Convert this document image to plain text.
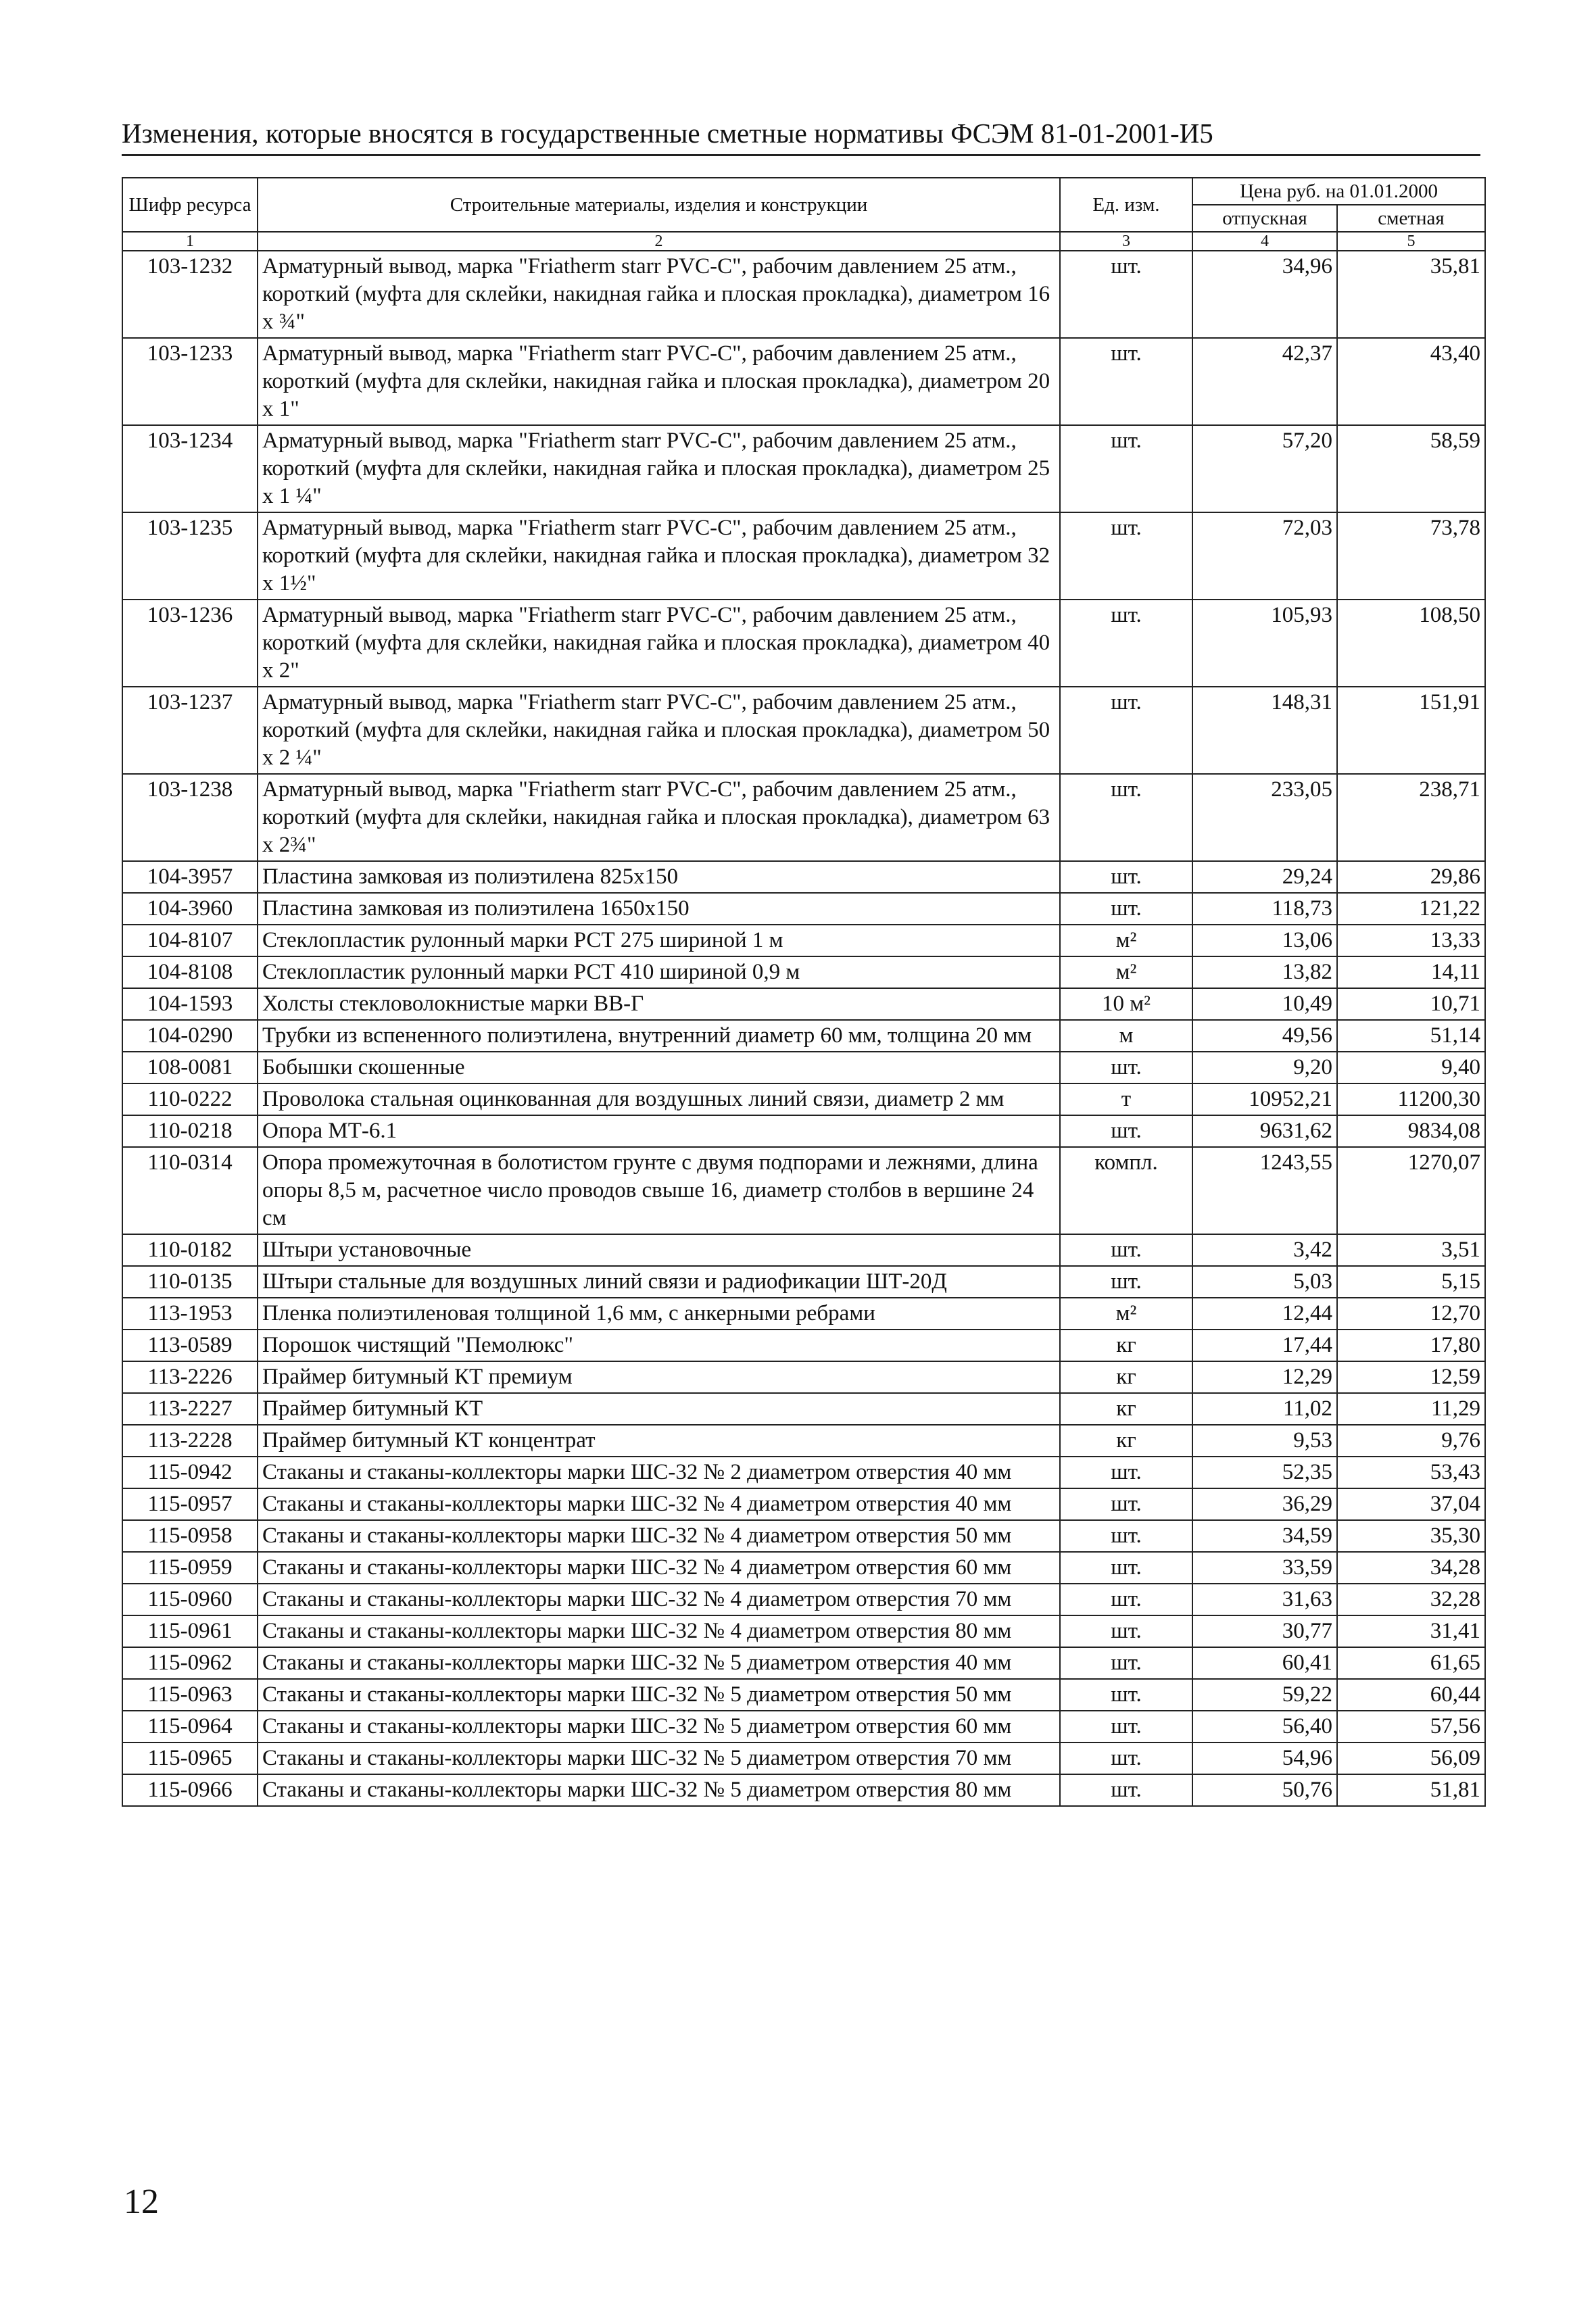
Изменения, которые вносятся в государственные сметные нормативы ФСЭМ 81-01-2001-И5
Шифр ресурса	Строительные материалы, изделия и конструкции	Ед. изм.	Цена руб. на 01.01.2000	
			отпускная	сметная
1	2	3	4	5
103-1232	Арматурный вывод, марка "Friatherm starr PVC-C", рабочим давлением 25 атм., короткий (муфта для склейки, накидная гайка и плоская прокладка), диаметром 16 х ¾"	шт.	34,96	35,81
103-1233	Арматурный вывод, марка "Friatherm starr PVC-C", рабочим давлением 25 атм., короткий (муфта для склейки, накидная гайка и плоская прокладка), диаметром 20 х 1"	шт.	42,37	43,40
103-1234	Арматурный вывод, марка "Friatherm starr PVC-C", рабочим давлением 25 атм., короткий (муфта для склейки, накидная гайка и плоская прокладка), диаметром 25 х 1 ¼"	шт.	57,20	58,59
103-1235	Арматурный вывод, марка "Friatherm starr PVC-C", рабочим давлением 25 атм., короткий (муфта для склейки, накидная гайка и плоская прокладка), диаметром 32 х 1½"	шт.	72,03	73,78
103-1236	Арматурный вывод, марка "Friatherm starr PVC-C", рабочим давлением 25 атм., короткий (муфта для склейки, накидная гайка и плоская прокладка), диаметром 40 х 2"	шт.	105,93	108,50
103-1237	Арматурный вывод, марка "Friatherm starr PVC-C", рабочим давлением 25 атм., короткий (муфта для склейки, накидная гайка и плоская прокладка), диаметром 50 х 2 ¼"	шт.	148,31	151,91
103-1238	Арматурный вывод, марка "Friatherm starr PVC-C", рабочим давлением 25 атм., короткий (муфта для склейки, накидная гайка и плоская прокладка), диаметром 63 х 2¾"	шт.	233,05	238,71
104-3957	Пластина замковая из полиэтилена 825х150	шт.	29,24	29,86
104-3960	Пластина замковая из полиэтилена 1650х150	шт.	118,73	121,22
104-8107	Стеклопластик рулонный марки РСТ 275 шириной 1 м	м²	13,06	13,33
104-8108	Стеклопластик рулонный марки РСТ 410 шириной 0,9 м	м²	13,82	14,11
104-1593	Холсты стекловолокнистые марки ВВ-Г	10 м²	10,49	10,71
104-0290	Трубки из вспененного полиэтилена, внутренний диаметр 60 мм, толщина 20 мм	м	49,56	51,14
108-0081	Бобышки скошенные	шт.	9,20	9,40
110-0222	Проволока стальная оцинкованная для воздушных линий связи, диаметр 2 мм	т	10952,21	11200,30
110-0218	Опора МТ-6.1	шт.	9631,62	9834,08
110-0314	Опора промежуточная в болотистом грунте с двумя подпорами и лежнями, длина опоры 8,5 м, расчетное число проводов свыше 16, диаметр столбов в вершине 24 см	компл.	1243,55	1270,07
110-0182	Штыри установочные	шт.	3,42	3,51
110-0135	Штыри стальные для воздушных линий связи и радиофикации ШТ-20Д	шт.	5,03	5,15
113-1953	Пленка полиэтиленовая толщиной 1,6 мм, с анкерными ребрами	м²	12,44	12,70
113-0589	Порошок чистящий "Пемолюкс"	кг	17,44	17,80
113-2226	Праймер битумный КТ премиум	кг	12,29	12,59
113-2227	Праймер битумный КТ	кг	11,02	11,29
113-2228	Праймер битумный КТ концентрат	кг	9,53	9,76
115-0942	Стаканы и стаканы-коллекторы марки ШС-32 № 2 диаметром отверстия 40 мм	шт.	52,35	53,43
115-0957	Стаканы и стаканы-коллекторы марки ШС-32 № 4 диаметром отверстия 40 мм	шт.	36,29	37,04
115-0958	Стаканы и стаканы-коллекторы марки ШС-32 № 4 диаметром отверстия 50 мм	шт.	34,59	35,30
115-0959	Стаканы и стаканы-коллекторы марки ШС-32 № 4 диаметром отверстия 60 мм	шт.	33,59	34,28
115-0960	Стаканы и стаканы-коллекторы марки ШС-32 № 4 диаметром отверстия 70 мм	шт.	31,63	32,28
115-0961	Стаканы и стаканы-коллекторы марки ШС-32 № 4 диаметром отверстия 80 мм	шт.	30,77	31,41
115-0962	Стаканы и стаканы-коллекторы марки ШС-32 № 5 диаметром отверстия 40 мм	шт.	60,41	61,65
115-0963	Стаканы и стаканы-коллекторы марки ШС-32 № 5 диаметром отверстия 50 мм	шт.	59,22	60,44
115-0964	Стаканы и стаканы-коллекторы марки ШС-32 № 5 диаметром отверстия 60 мм	шт.	56,40	57,56
115-0965	Стаканы и стаканы-коллекторы марки ШС-32 № 5 диаметром отверстия 70 мм	шт.	54,96	56,09
115-0966	Стаканы и стаканы-коллекторы марки ШС-32 № 5 диаметром отверстия 80 мм	шт.	50,76	51,81
12
